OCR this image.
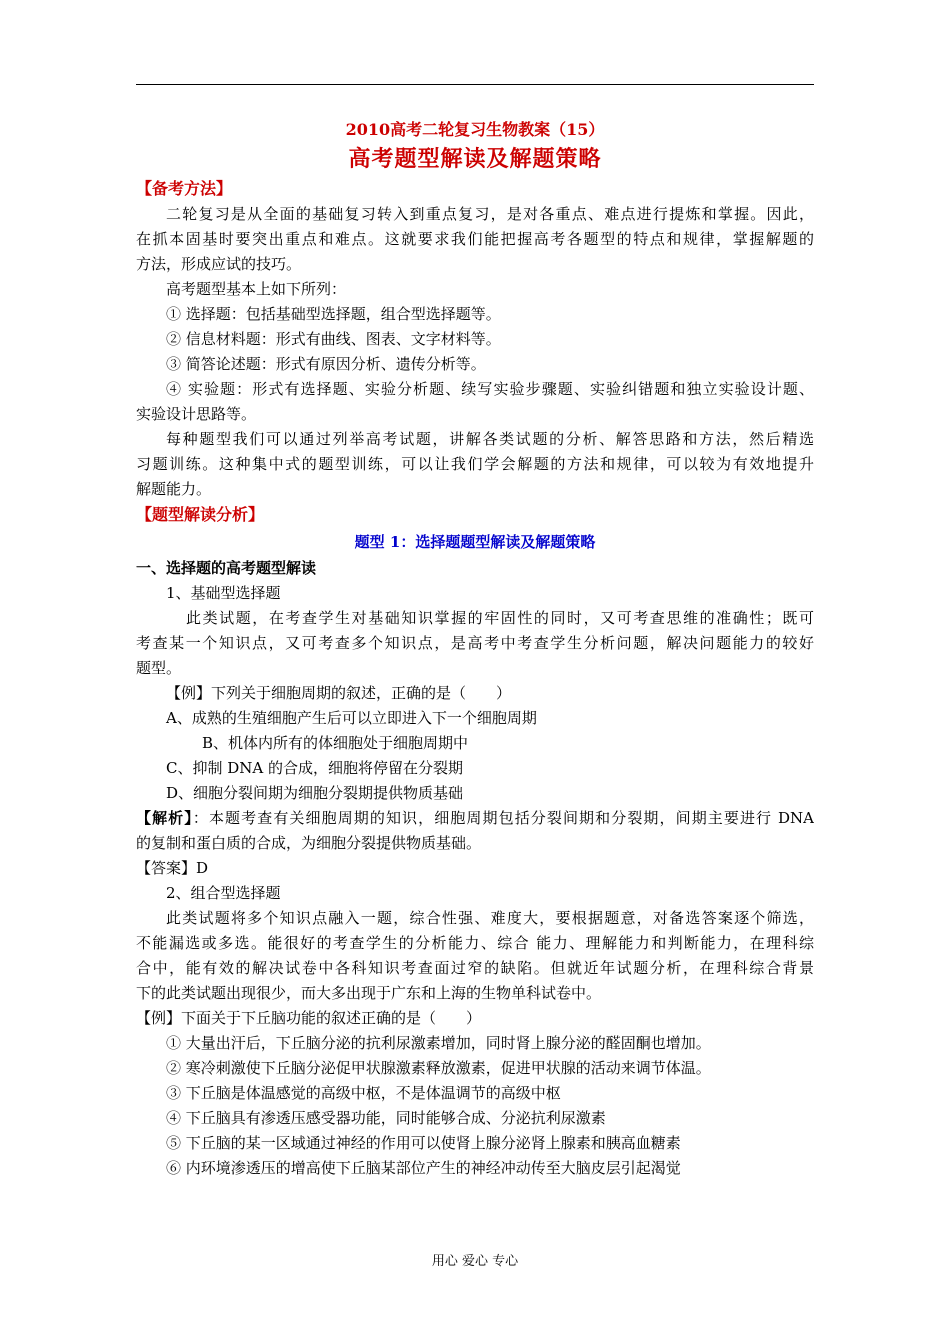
2010高考二轮复习生物教案（15）
高考题型解读及解题策略
【备考方法】
二轮复习是从全面的基础复习转入到重点复习，是对各重点、难点进行提炼和掌握。因此，
在抓本固基时要突出重点和难点。这就要求我们能把握高考各题型的特点和规律，掌握解题的
方法，形成应试的技巧。
高考题型基本上如下所列：
① 选择题：包括基础型选择题，组合型选择题等。
② 信息材料题：形式有曲线、图表、文字材料等。
③ 简答论述题：形式有原因分析、遗传分析等。
④ 实验题：形式有选择题、实验分析题、续写实验步骤题、实验纠错题和独立实验设计题、
实验设计思路等。
每种题型我们可以通过列举高考试题，讲解各类试题的分析、解答思路和方法，然后精选
习题训练。这种集中式的题型训练，可以让我们学会解题的方法和规律，可以较为有效地提升
解题能力。
【题型解读分析】
题型 1：选择题题型解读及解题策略
一、选择题的高考题型解读
1、基础型选择题
此类试题，在考查学生对基础知识掌握的牢固性的同时，又可考查思维的准确性；既可
考查某一个知识点，又可考查多个知识点，是高考中考查学生分析问题，解决问题能力的较好
题型。
【例】下列关于细胞周期的叙述，正确的是（　　）
A、成熟的生殖细胞产生后可以立即进入下一个细胞周期
B、机体内所有的体细胞处于细胞周期中
C、抑制 DNA 的合成，细胞将停留在分裂期
D、细胞分裂间期为细胞分裂期提供物质基础
【解析】：本题考查有关细胞周期的知识，细胞周期包括分裂间期和分裂期，间期主要进行 DNA
的复制和蛋白质的合成，为细胞分裂提供物质基础。
【答案】D
2、组合型选择题
此类试题将多个知识点融入一题，综合性强、难度大，要根据题意，对备选答案逐个筛选，
不能漏选或多选。能很好的考查学生的分析能力、综合 能力、理解能力和判断能力，在理科综
合中，能有效的解决试卷中各科知识考查面过窄的缺陷。但就近年试题分析，在理科综合背景
下的此类试题出现很少，而大多出现于广东和上海的生物单科试卷中。
【例】下面关于下丘脑功能的叙述正确的是（　　）
① 大量出汗后，下丘脑分泌的抗利尿激素增加，同时肾上腺分泌的醛固酮也增加。
② 寒冷刺激使下丘脑分泌促甲状腺激素释放激素，促进甲状腺的活动来调节体温。
③ 下丘脑是体温感觉的高级中枢，不是体温调节的高级中枢
④ 下丘脑具有渗透压感受器功能，同时能够合成、分泌抗利尿激素
⑤ 下丘脑的某一区域通过神经的作用可以使肾上腺分泌肾上腺素和胰高血糖素
⑥ 内环境渗透压的增高使下丘脑某部位产生的神经冲动传至大脑皮层引起渴觉
用心 爱心 专心
